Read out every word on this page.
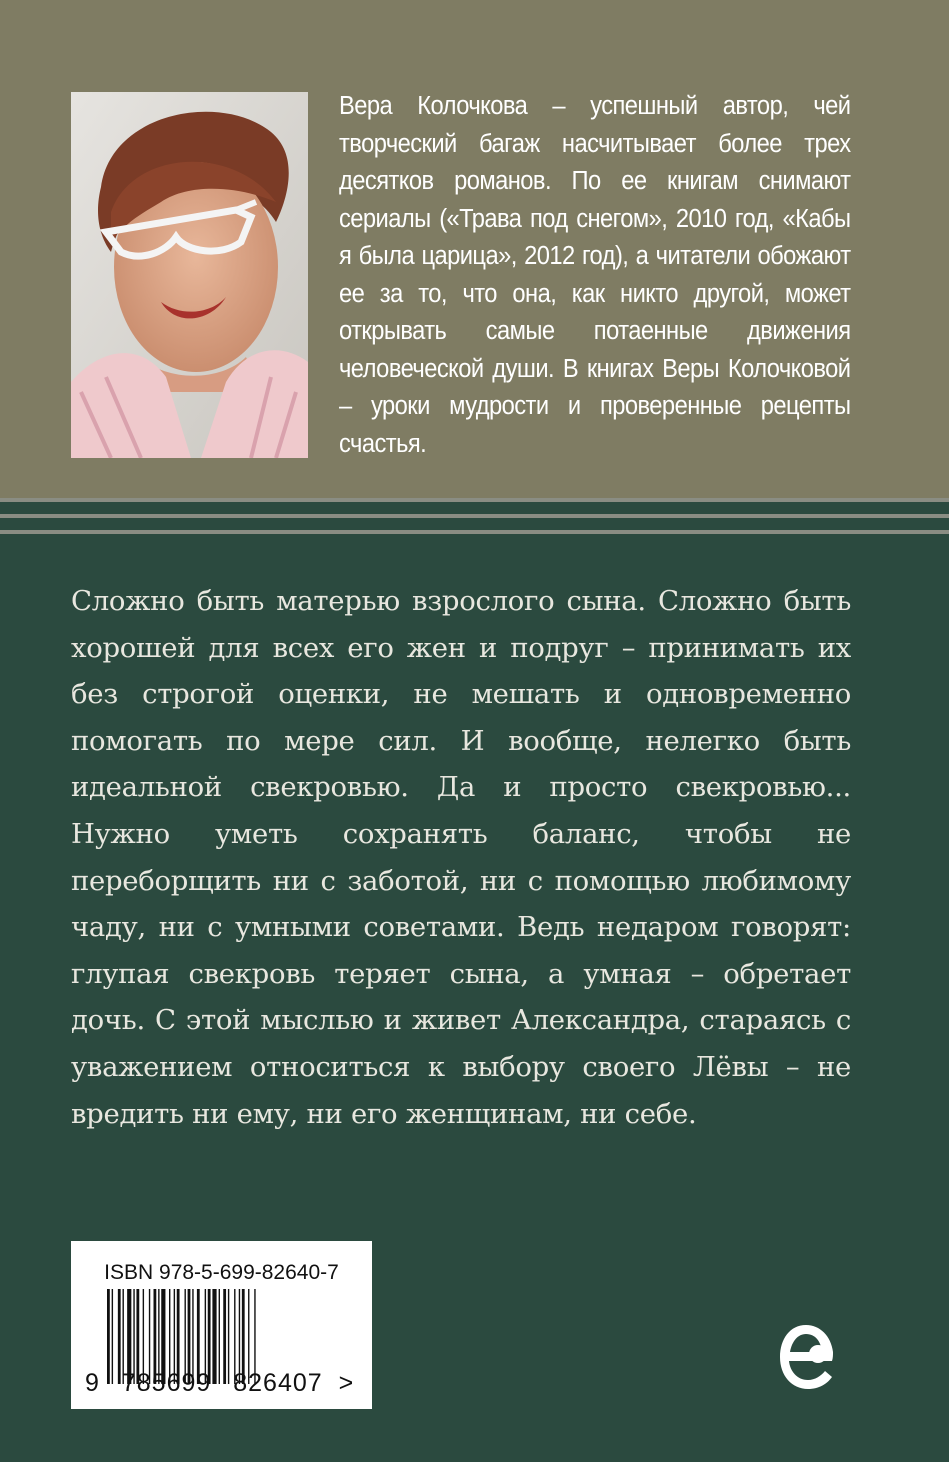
Вера Колочкова – успешный автор, чей творческий багаж насчитывает более трех десятков романов. По ее книгам снимают сериалы («Трава под снегом», 2010 год, «Кабы я была царица», 2012 год), а читатели обожают ее за то, что она, как никто другой, может открывать самые потаенные движения человеческой души. В книгах Веры Колочковой – уроки мудрости и проверенные рецепты счастья.

Сложно быть матерью взрослого сына. Сложно быть хорошей для всех его жен и подруг – принимать их без строгой оценки, не мешать и одновременно помогать по мере сил. И вообще, нелегко быть идеальной свекровью. Да и просто свекровью... Нужно уметь сохранять баланс, чтобы не переборщить ни с заботой, ни с помощью любимому чаду, ни с умными советами. Ведь недаром говорят: глупая свекровь теряет сына, а умная – обретает дочь. С этой мыслью и живет Александра, стараясь с уважением относиться к выбору своего Лёвы – не вредить ни ему, ни его женщинам, ни себе.

ISBN 978-5-699-82640-7
9 785699 826407 >
